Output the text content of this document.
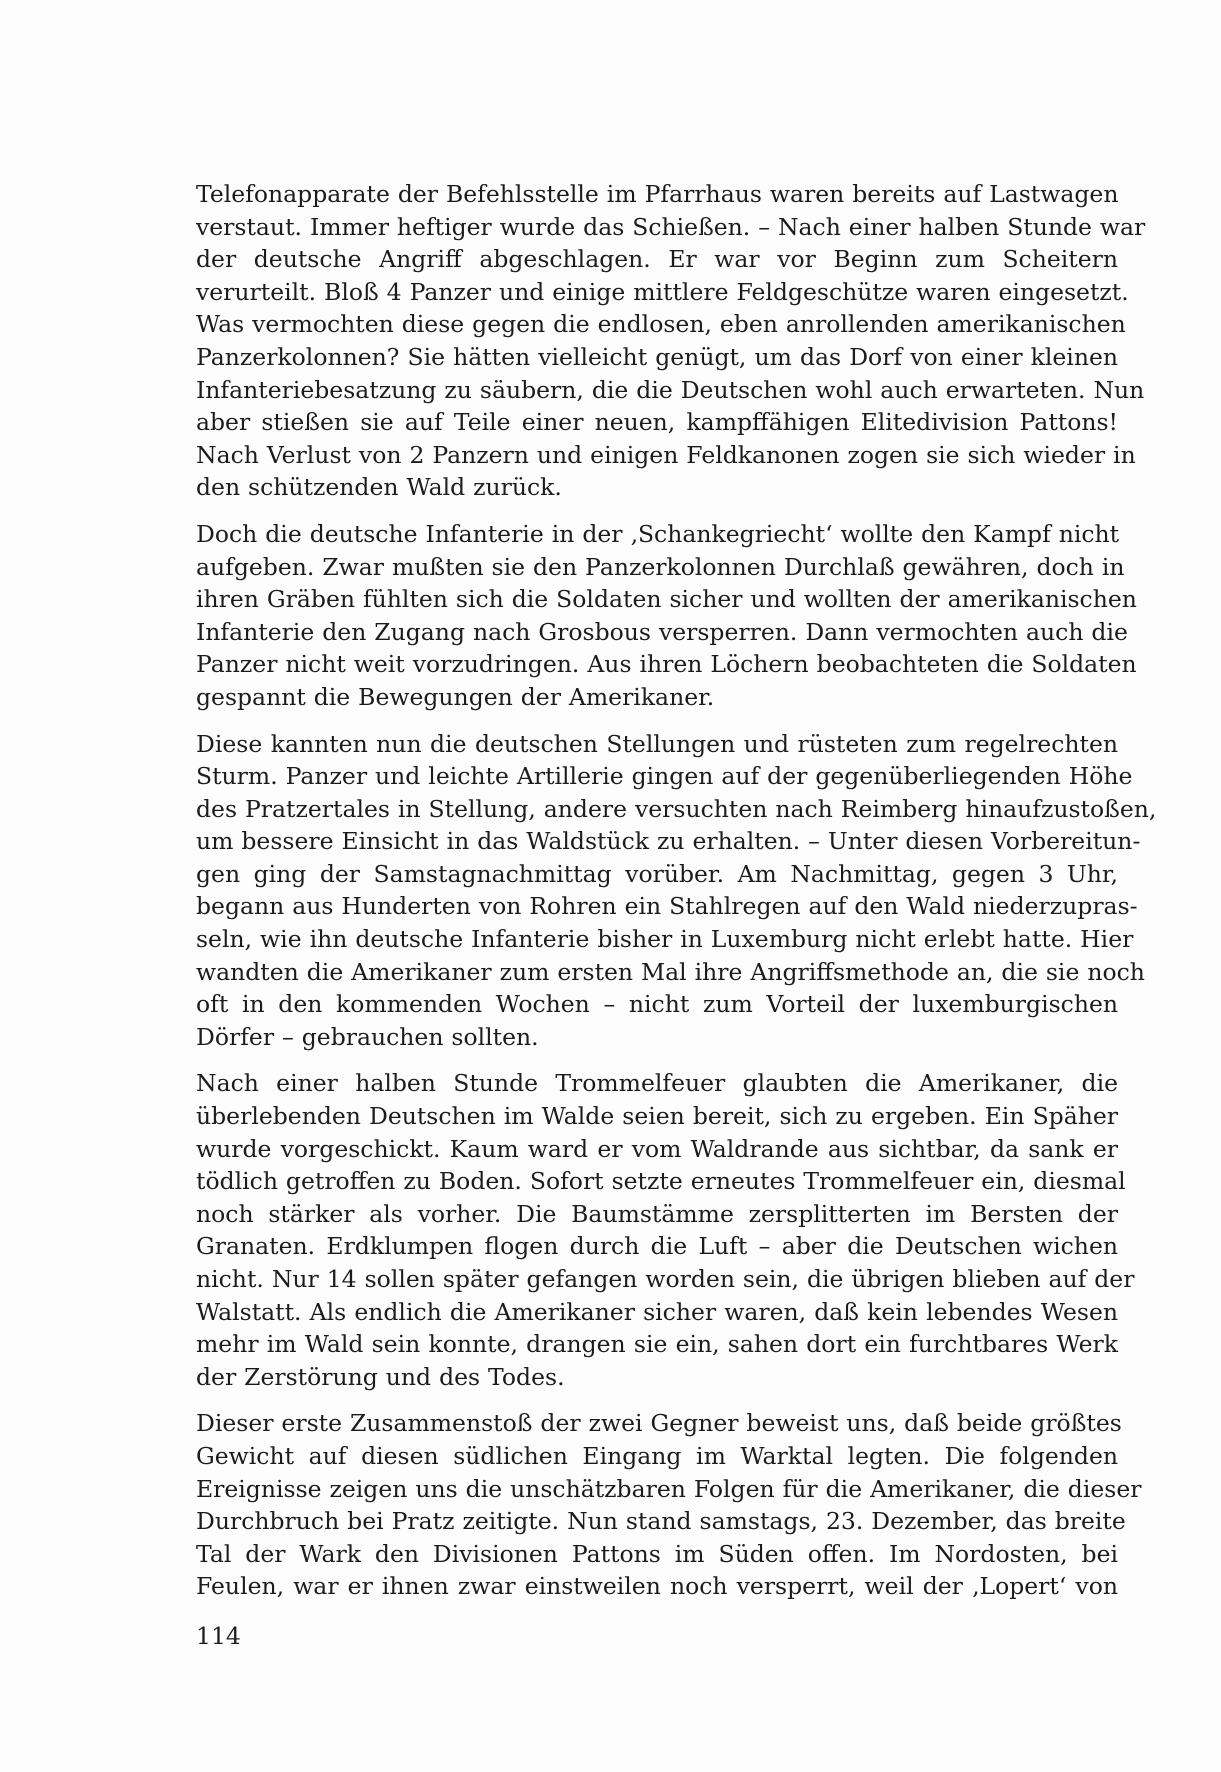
Telefonapparate der Befehlsstelle im Pfarrhaus waren bereits auf Lastwagen
verstaut. Immer heftiger wurde das Schießen. – Nach einer halben Stunde war
der deutsche Angriff abgeschlagen. Er war vor Beginn zum Scheitern
verurteilt. Bloß 4 Panzer und einige mittlere Feldgeschütze waren eingesetzt.
Was vermochten diese gegen die endlosen, eben anrollenden amerikanischen
Panzerkolonnen? Sie hätten vielleicht genügt, um das Dorf von einer kleinen
Infanteriebesatzung zu säubern, die die Deutschen wohl auch erwarteten. Nun
aber stießen sie auf Teile einer neuen, kampffähigen Elitedivision Pattons!
Nach Verlust von 2 Panzern und einigen Feldkanonen zogen sie sich wieder in
den schützenden Wald zurück.
Doch die deutsche Infanterie in der ‚Schankegriecht‘ wollte den Kampf nicht
aufgeben. Zwar mußten sie den Panzerkolonnen Durchlaß gewähren, doch in
ihren Gräben fühlten sich die Soldaten sicher und wollten der amerikanischen
Infanterie den Zugang nach Grosbous versperren. Dann vermochten auch die
Panzer nicht weit vorzudringen. Aus ihren Löchern beobachteten die Soldaten
gespannt die Bewegungen der Amerikaner.
Diese kannten nun die deutschen Stellungen und rüsteten zum regelrechten
Sturm. Panzer und leichte Artillerie gingen auf der gegenüberliegenden Höhe
des Pratzertales in Stellung, andere versuchten nach Reimberg hinaufzustoßen,
um bessere Einsicht in das Waldstück zu erhalten. – Unter diesen Vorbereitun-
gen ging der Samstagnachmittag vorüber. Am Nachmittag, gegen 3 Uhr,
begann aus Hunderten von Rohren ein Stahlregen auf den Wald niederzupras-
seln, wie ihn deutsche Infanterie bisher in Luxemburg nicht erlebt hatte. Hier
wandten die Amerikaner zum ersten Mal ihre Angriffsmethode an, die sie noch
oft in den kommenden Wochen – nicht zum Vorteil der luxemburgischen
Dörfer – gebrauchen sollten.
Nach einer halben Stunde Trommelfeuer glaubten die Amerikaner, die
überlebenden Deutschen im Walde seien bereit, sich zu ergeben. Ein Späher
wurde vorgeschickt. Kaum ward er vom Waldrande aus sichtbar, da sank er
tödlich getroffen zu Boden. Sofort setzte erneutes Trommelfeuer ein, diesmal
noch stärker als vorher. Die Baumstämme zersplitterten im Bersten der
Granaten. Erdklumpen flogen durch die Luft – aber die Deutschen wichen
nicht. Nur 14 sollen später gefangen worden sein, die übrigen blieben auf der
Walstatt. Als endlich die Amerikaner sicher waren, daß kein lebendes Wesen
mehr im Wald sein konnte, drangen sie ein, sahen dort ein furchtbares Werk
der Zerstörung und des Todes.
Dieser erste Zusammenstoß der zwei Gegner beweist uns, daß beide größtes
Gewicht auf diesen südlichen Eingang im Warktal legten. Die folgenden
Ereignisse zeigen uns die unschätzbaren Folgen für die Amerikaner, die dieser
Durchbruch bei Pratz zeitigte. Nun stand samstags, 23. Dezember, das breite
Tal der Wark den Divisionen Pattons im Süden offen. Im Nordosten, bei
Feulen, war er ihnen zwar einstweilen noch versperrt, weil der ‚Lopert‘ von
114
